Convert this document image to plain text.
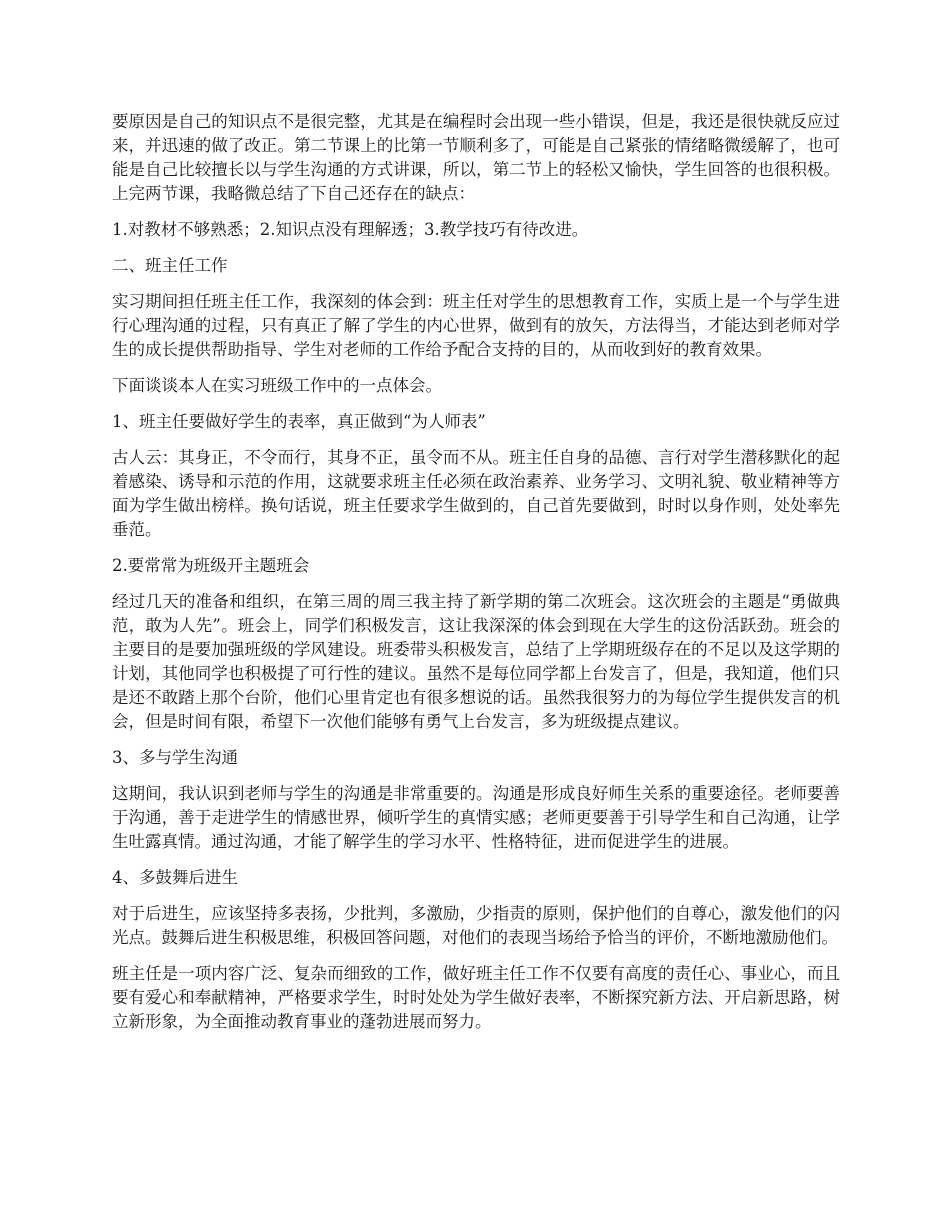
要原因是自己的知识点不是很完整，尤其是在编程时会出现一些小错误，但是，我还是很快就反应过来，并迅速的做了改正。第二节课上的比第一节顺利多了，可能是自己紧张的情绪略微缓解了，也可能是自己比较擅长以与学生沟通的方式讲课，所以，第二节上的轻松又愉快，学生回答的也很积极。上完两节课，我略微总结了下自己还存在的缺点：

1.对教材不够熟悉；2.知识点没有理解透；3.教学技巧有待改进。

二、班主任工作

实习期间担任班主任工作，我深刻的体会到：班主任对学生的思想教育工作，实质上是一个与学生进行心理沟通的过程，只有真正了解了学生的内心世界，做到有的放矢，方法得当，才能达到老师对学生的成长提供帮助指导、学生对老师的工作给予配合支持的目的，从而收到好的教育效果。

下面谈谈本人在实习班级工作中的一点体会。

1、班主任要做好学生的表率，真正做到“为人师表”

古人云：其身正，不令而行，其身不正，虽令而不从。班主任自身的品德、言行对学生潜移默化的起着感染、诱导和示范的作用，这就要求班主任必须在政治素养、业务学习、文明礼貌、敬业精神等方面为学生做出榜样。换句话说，班主任要求学生做到的，自己首先要做到，时时以身作则，处处率先垂范。

2.要常常为班级开主题班会

经过几天的准备和组织，在第三周的周三我主持了新学期的第二次班会。这次班会的主题是“勇做典范，敢为人先”。班会上，同学们积极发言，这让我深深的体会到现在大学生的这份活跃劲。班会的主要目的是要加强班级的学风建设。班委带头积极发言，总结了上学期班级存在的不足以及这学期的计划，其他同学也积极提了可行性的建议。虽然不是每位同学都上台发言了，但是，我知道，他们只是还不敢踏上那个台阶，他们心里肯定也有很多想说的话。虽然我很努力的为每位学生提供发言的机会，但是时间有限，希望下一次他们能够有勇气上台发言，多为班级提点建议。

3、多与学生沟通

这期间，我认识到老师与学生的沟通是非常重要的。沟通是形成良好师生关系的重要途径。老师要善于沟通，善于走进学生的情感世界，倾听学生的真情实感；老师更要善于引导学生和自己沟通，让学生吐露真情。通过沟通，才能了解学生的学习水平、性格特征，进而促进学生的进展。

4、多鼓舞后进生

对于后进生，应该坚持多表扬，少批判，多激励，少指责的原则，保护他们的自尊心，激发他们的闪光点。鼓舞后进生积极思维，积极回答问题，对他们的表现当场给予恰当的评价，不断地激励他们。

班主任是一项内容广泛、复杂而细致的工作，做好班主任工作不仅要有高度的责任心、事业心，而且要有爱心和奉献精神，严格要求学生，时时处处为学生做好表率，不断探究新方法、开启新思路，树立新形象，为全面推动教育事业的蓬勃进展而努力。
